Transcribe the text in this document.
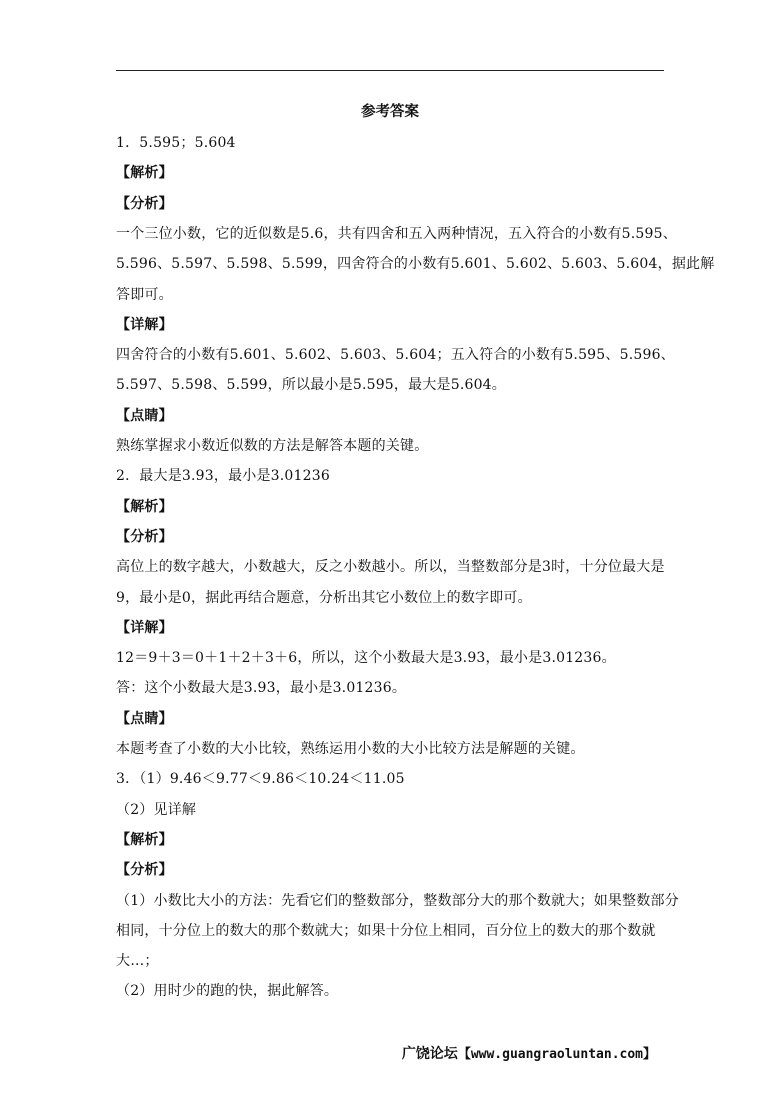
参考答案
1．5.595；5.604
【解析】
【分析】
一个三位小数，它的近似数是5.6，共有四舍和五入两种情况，五入符合的小数有5.595、
5.596、5.597、5.598、5.599，四舍符合的小数有5.601、5.602、5.603、5.604，据此解
答即可。
【详解】
四舍符合的小数有5.601、5.602、5.603、5.604；五入符合的小数有5.595、5.596、
5.597、5.598、5.599，所以最小是5.595，最大是5.604。
【点睛】
熟练掌握求小数近似数的方法是解答本题的关键。
2．最大是3.93，最小是3.01236
【解析】
【分析】
高位上的数字越大，小数越大，反之小数越小。所以，当整数部分是3时，十分位最大是
9，最小是0，据此再结合题意，分析出其它小数位上的数字即可。
【详解】
12＝9＋3＝0＋1＋2＋3＋6，所以，这个小数最大是3.93，最小是3.01236。
答：这个小数最大是3.93，最小是3.01236。
【点睛】
本题考查了小数的大小比较，熟练运用小数的大小比较方法是解题的关键。
3．（1）9.46＜9.77＜9.86＜10.24＜11.05
（2）见详解
【解析】
【分析】
（1）小数比大小的方法：先看它们的整数部分，整数部分大的那个数就大；如果整数部分
相同，十分位上的数大的那个数就大；如果十分位上相同，百分位上的数大的那个数就
大…；
（2）用时少的跑的快，据此解答。
广饶论坛【www.guangraoluntan.com】
